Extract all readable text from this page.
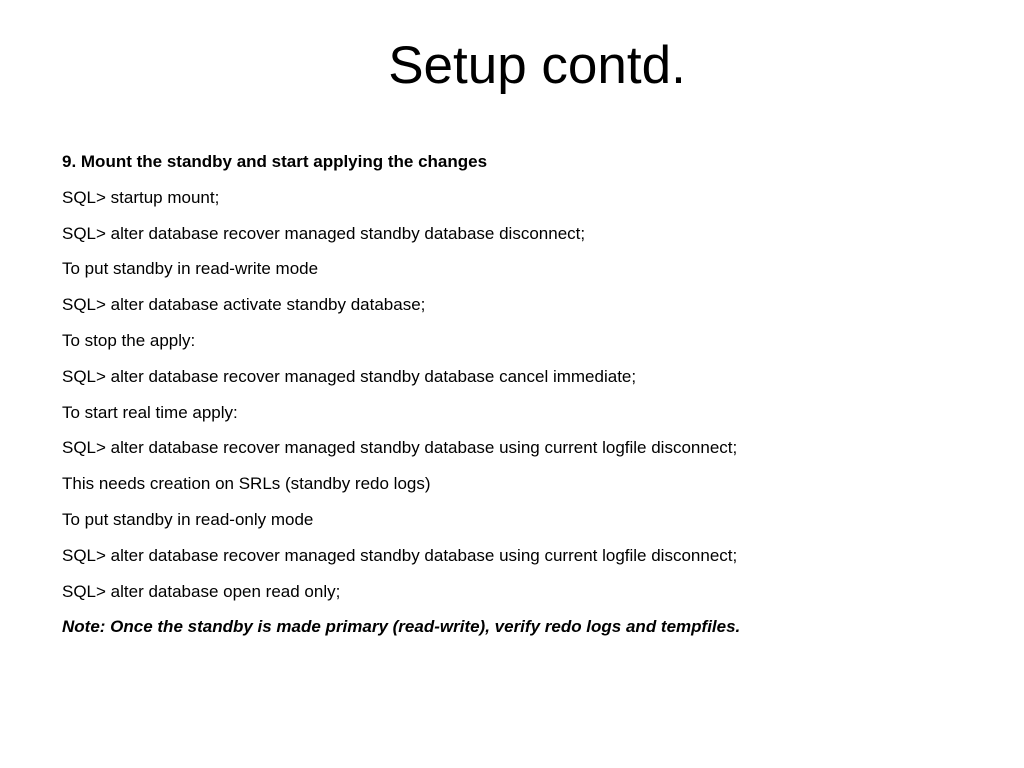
Setup contd.
9. Mount the standby and start applying the changes
SQL> startup mount;
SQL> alter database recover managed standby database disconnect;
To put standby in read-write mode
SQL> alter database activate standby database;
To stop the apply:
SQL> alter database recover managed standby database cancel immediate;
To start real time apply:
SQL> alter database recover managed standby database using current logfile disconnect;
This needs creation on SRLs (standby redo logs)
To put standby in read-only mode
SQL> alter database recover managed standby database using current logfile disconnect;
SQL> alter database open read only;
Note: Once the standby is made primary (read-write), verify redo logs and tempfiles.
